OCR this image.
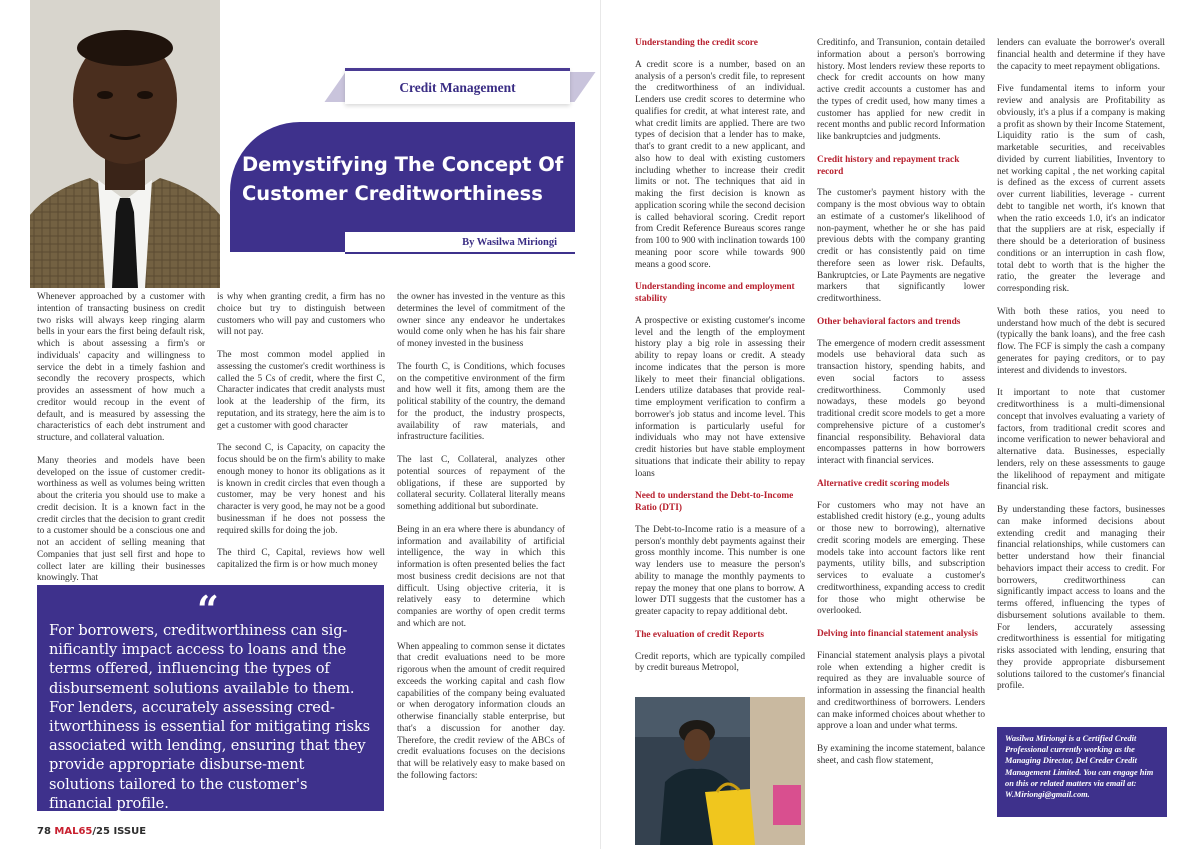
Credit Management
Demystifying The Concept Of Customer Creditworthiness
By Wasilwa Miriongi

Whenever approached by a customer with intention of transacting business on credit two risks will always keep ringing alarm bells in your ears the first being default risk, which is about assessing a firm's or individuals' capacity and willingness to service the debt in a timely fashion and secondly the recovery prospects, which provides an assessment of how much a creditor would recoup in the event of default, and is measured by assessing the characteristics of each debt instrument and structure, and collateral valuation.

Many theories and models have been developed on the issue of customer credit-worthiness as well as volumes being written about the criteria you should use to make a credit decision. It is a known fact in the credit circles that the decision to grant credit to a customer should be a conscious one and not an accident of selling meaning that Companies that just sell first and hope to collect later are killing their businesses knowingly. That

is why when granting credit, a firm has no choice but try to distinguish between customers who will pay and customers who will not pay.

The most common model applied in assessing the customer's credit worthiness is called the 5 Cs of credit, where the first C, Character indicates that credit analysts must look at the leadership of the firm, its reputation, and its strategy, here the aim is to get a customer with good character

The second C, is Capacity, on capacity the focus should be on the firm's ability to make enough money to honor its obligations as it is known in credit circles that even though a customer, may be very honest and his character is very good, he may not be a good businessman if he does not possess the required skills for doing the job.

The third C, Capital, reviews how well capitalized the firm is or how much money

the owner has invested in the venture as this determines the level of commitment of the owner since any endeavor he undertakes would come only when he has his fair share of money invested in the business

The fourth C, is Conditions, which focuses on the competitive environment of the firm and how well it fits, among them are the political stability of the country, the demand for the product, the industry prospects, availability of raw materials, and infrastructure facilities.

The last C, Collateral, analyzes other potential sources of repayment of the obligations, if these are supported by collateral security. Collateral literally means something additional but subordinate.

Being in an era where there is abundancy of information and availability of artificial intelligence, the way in which this information is often presented belies the fact most business credit decisions are not that difficult. Using objective criteria, it is relatively easy to determine which companies are worthy of open credit terms and which are not.

When appealing to common sense it dictates that credit evaluations need to be more rigorous when the amount of credit required exceeds the working capital and cash flow capabilities of the company being evaluated or when derogatory information clouds an otherwise financially stable enterprise, but that's a discussion for another day. Therefore, the credit review of the ABCs of credit evaluations focuses on the decisions that will be relatively easy to make based on the following factors:

“

For borrowers, creditworthiness can sig-nificantly impact access to loans and the terms offered, influencing the types of disbursement solutions available to them. For lenders, accurately assessing cred-itworthiness is essential for mitigating risks associated with lending, ensuring that they provide appropriate disburse-ment solutions tailored to the customer's financial profile.

78 MAL65/25 ISSUE
Understanding the credit score

A credit score is a number, based on an analysis of a person's credit file, to represent the creditworthiness of an individual. Lenders use credit scores to determine who qualifies for credit, at what interest rate, and what credit limits are applied. There are two types of decision that a lender has to make, that's to grant credit to a new applicant, and also how to deal with existing customers including whether to increase their credit limits or not. The techniques that aid in making the first decision is known as application scoring while the second decision is called behavioral scoring. Credit report from Credit Reference Bureaus scores range from 100 to 900 with inclination towards 100 meaning poor score while towards 900 means a good score.

Understanding income and employment stability

A prospective or existing customer's income level and the length of the employment history play a big role in assessing their ability to repay loans or credit. A steady income indicates that the person is more likely to meet their financial obligations. Lenders utilize databases that provide real-time employment verification to confirm a borrower's job status and income level. This information is particularly useful for individuals who may not have extensive credit histories but have stable employment situations that indicate their ability to repay loans

Need to understand the Debt-to-Income Ratio (DTI)

The Debt-to-Income ratio is a measure of a person's monthly debt payments against their gross monthly income. This number is one way lenders use to measure the person's ability to manage the monthly payments to repay the money that one plans to borrow. A lower DTI suggests that the customer has a greater capacity to repay additional debt.

The evaluation of credit Reports

Credit reports, which are typically compiled by credit bureaus Metropol,

Creditinfo, and Transunion, contain detailed information about a person's borrowing history. Most lenders review these reports to check for credit accounts on how many active credit accounts a customer has and the types of credit used, how many times a customer has applied for new credit in recent months and public record Information like bankruptcies and judgments.

Credit history and repayment track record

The customer's payment history with the company is the most obvious way to obtain an estimate of a customer's likelihood of non-payment, whether he or she has paid previous debts with the company granting credit or has consistently paid on time therefore seen as lower risk. Defaults, Bankruptcies, or Late Payments are negative markers that significantly lower creditworthiness.

Other behavioral factors and trends

The emergence of modern credit assessment models use behavioral data such as transaction history, spending habits, and even social factors to assess creditworthiness. Commonly used nowadays, these models go beyond traditional credit score models to get a more comprehensive picture of a customer's financial responsibility. Behavioral data encompasses patterns in how borrowers interact with financial services.

Alternative credit scoring models

For customers who may not have an established credit history (e.g., young adults or those new to borrowing), alternative credit scoring models are emerging. These models take into account factors like rent payments, utility bills, and subscription services to evaluate a customer's creditworthiness, expanding access to credit for those who might otherwise be overlooked.

Delving into financial statement analysis

Financial statement analysis plays a pivotal role when extending a higher credit is required as they are invaluable source of information in assessing the financial health and creditworthiness of borrowers. Lenders can make informed choices about whether to approve a loan and under what terms.

By examining the income statement, balance sheet, and cash flow statement,

lenders can evaluate the borrower's overall financial health and determine if they have the capacity to meet repayment obligations.

Five fundamental items to inform your review and analysis are Profitability as obviously, it's a plus if a company is making a profit as shown by their Income Statement, Liquidity ratio is the sum of cash, marketable securities, and receivables divided by current liabilities, Inventory to net working capital , the net working capital is defined as the excess of current assets over current liabilities, leverage - current debt to tangible net worth, it's known that when the ratio exceeds 1.0, it's an indicator that the suppliers are at risk, especially if there should be a deterioration of business conditions or an interruption in cash flow, total debt to worth that is the higher the ratio, the greater the leverage and corresponding risk.

With both these ratios, you need to understand how much of the debt is secured (typically the bank loans), and the free cash flow. The FCF is simply the cash a company generates for paying creditors, or to pay interest and dividends to investors.

It important to note that customer creditworthiness is a multi-dimensional concept that involves evaluating a variety of factors, from traditional credit scores and income verification to newer behavioral and alternative data. Businesses, especially lenders, rely on these assessments to gauge the likelihood of repayment and mitigate financial risk.

By understanding these factors, businesses can make informed decisions about extending credit and managing their financial relationships, while customers can better understand how their financial behaviors impact their access to credit. For borrowers, creditworthiness can significantly impact access to loans and the terms offered, influencing the types of disbursement solutions available to them. For lenders, accurately assessing creditworthiness is essential for mitigating risks associated with lending, ensuring that they provide appropriate disbursement solutions tailored to the customer's financial profile.

Wasilwa Miriongi is a Certified Credit Professional currently working as the Managing Director, Del Creder Credit Management Limited. You can engage him on this or related matters via email at: W.Miriongi@gmail.com.
